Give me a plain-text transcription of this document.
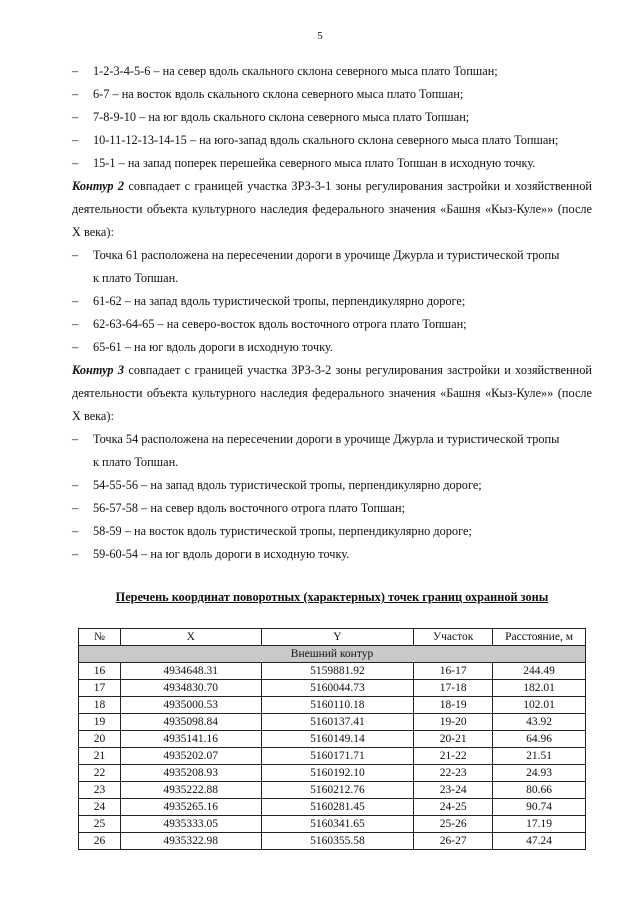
5
– 1-2-3-4-5-6 – на север вдоль скального склона северного мыса плато Топшан;
– 6-7 – на восток вдоль скального склона северного мыса плато Топшан;
– 7-8-9-10 – на юг вдоль скального склона северного мыса плато Топшан;
– 10-11-12-13-14-15 – на юго-запад вдоль скального склона северного мыса плато Топшан;
– 15-1 – на запад поперек перешейка северного мыса плато Топшан в исходную точку.
Контур 2 совпадает с границей участка ЗРЗ-3-1 зоны регулирования застройки и хозяйственной деятельности объекта культурного наследия федерального значения «Башня «Кыз-Куле»» (после X века):
– Точка 61 расположена на пересечении дороги в урочище Джурла и туристической тропы
к плато Топшан.
– 61-62 – на запад вдоль туристической тропы, перпендикулярно дороге;
– 62-63-64-65 – на северо-восток вдоль восточного отрога плато Топшан;
– 65-61 – на юг вдоль дороги в исходную точку.
Контур 3 совпадает с границей участка ЗРЗ-3-2 зоны регулирования застройки и хозяйственной деятельности объекта культурного наследия федерального значения «Башня «Кыз-Куле»» (после X века):
– Точка 54 расположена на пересечении дороги в урочище Джурла и туристической тропы
к плато Топшан.
– 54-55-56 – на запад вдоль туристической тропы, перпендикулярно дороге;
– 56-57-58 – на север вдоль восточного отрога плато Топшан;
– 58-59 – на восток вдоль туристической тропы, перпендикулярно дороге;
– 59-60-54 – на юг вдоль дороги в исходную точку.
Перечень координат поворотных (характерных) точек границ охранной зоны
№	X	Y	Участок	Расстояние, м
Внешний контур				
16	4934648.31	5159881.92	16-17	244.49
17	4934830.70	5160044.73	17-18	182.01
18	4935000.53	5160110.18	18-19	102.01
19	4935098.84	5160137.41	19-20	43.92
20	4935141.16	5160149.14	20-21	64.96
21	4935202.07	5160171.71	21-22	21.51
22	4935208.93	5160192.10	22-23	24.93
23	4935222.88	5160212.76	23-24	80.66
24	4935265.16	5160281.45	24-25	90.74
25	4935333.05	5160341.65	25-26	17.19
26	4935322.98	5160355.58	26-27	47.24
